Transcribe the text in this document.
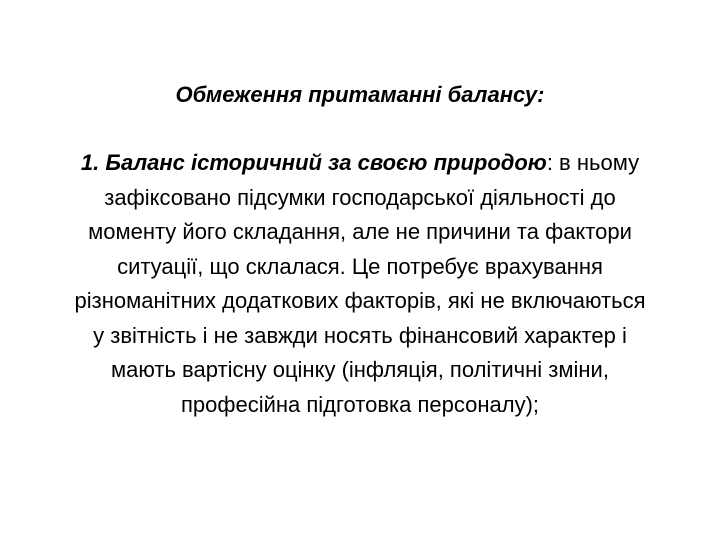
Обмеження притаманні балансу:

1. Баланс історичний за своєю природою: в ньому зафіксовано підсумки господарської діяльності до моменту його складання, але не причини та фактори ситуації, що склалася. Це потребує врахування різноманітних додаткових факторів, які не включаються у звітність і не завжди носять фінансовий характер і мають вартісну оцінку (інфляція, політичні зміни, професійна підготовка персоналу);
